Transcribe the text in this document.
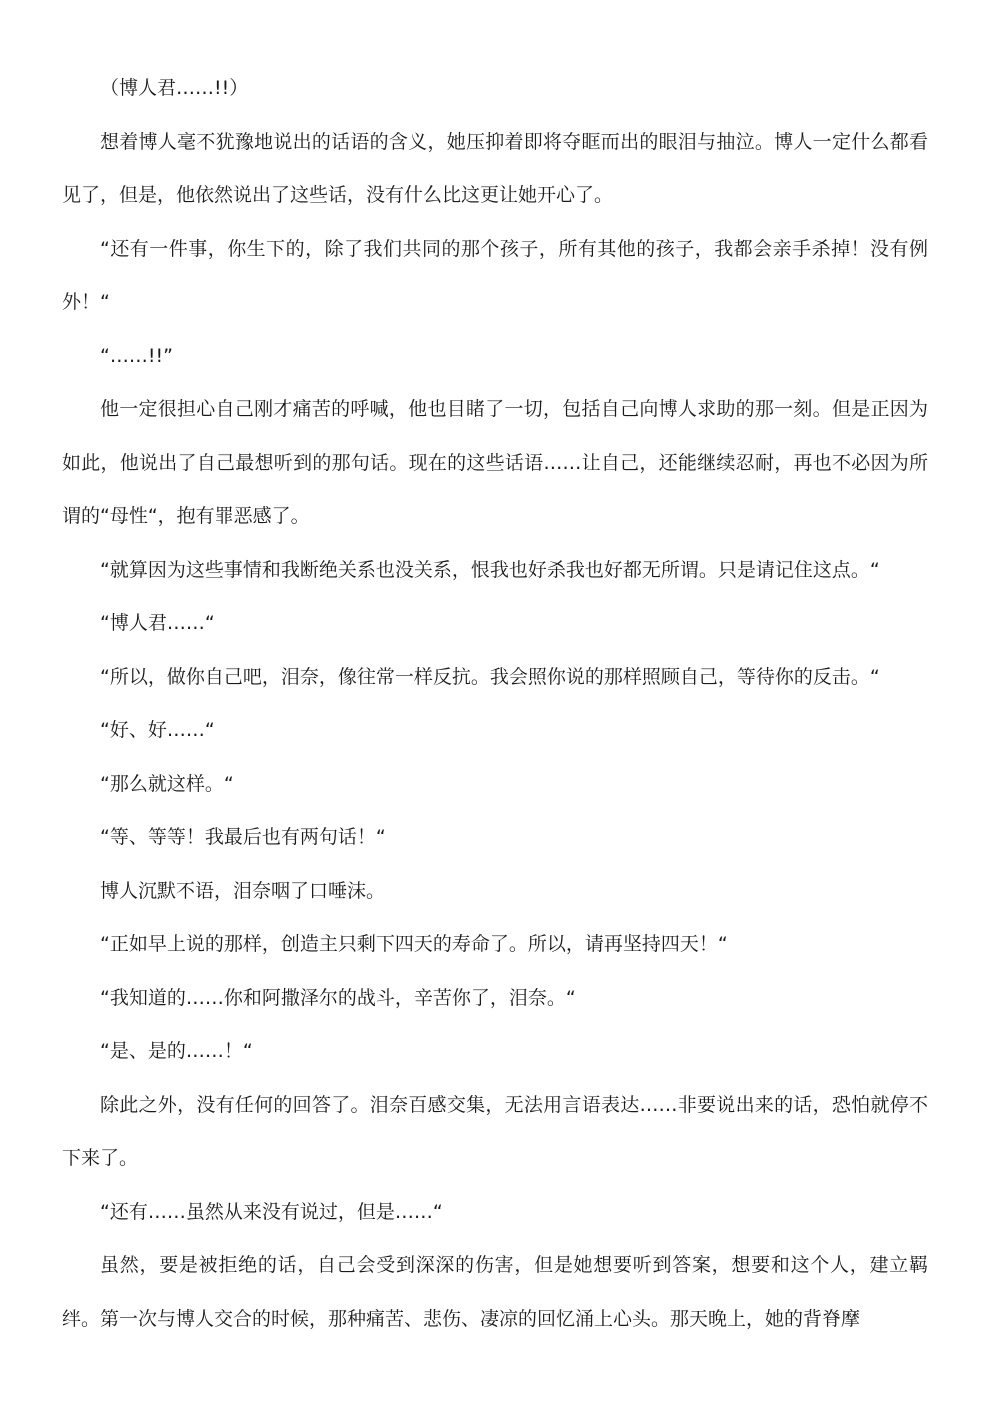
（博人君……!!）

想着博人毫不犹豫地说出的话语的含义，她压抑着即将夺眶而出的眼泪与抽泣。博人一定什么都看见了，但是，他依然说出了这些话，没有什么比这更让她开心了。

“还有一件事，你生下的，除了我们共同的那个孩子，所有其他的孩子，我都会亲手杀掉！没有例外！“

“……!!”

他一定很担心自己刚才痛苦的呼喊，他也目睹了一切，包括自己向博人求助的那一刻。但是正因为如此，他说出了自己最想听到的那句话。现在的这些话语……让自己，还能继续忍耐，再也不必因为所谓的“母性“，抱有罪恶感了。

“就算因为这些事情和我断绝关系也没关系，恨我也好杀我也好都无所谓。只是请记住这点。“

“博人君……“

“所以，做你自己吧，泪奈，像往常一样反抗。我会照你说的那样照顾自己，等待你的反击。“

“好、好……“

“那么就这样。“

“等、等等！我最后也有两句话！“

博人沉默不语，泪奈咽了口唾沫。

“正如早上说的那样，创造主只剩下四天的寿命了。所以，请再坚持四天！“

“我知道的……你和阿撒泽尔的战斗，辛苦你了，泪奈。“

“是、是的……！“

除此之外，没有任何的回答了。泪奈百感交集，无法用言语表达……非要说出来的话，恐怕就停不下来了。

“还有……虽然从来没有说过，但是……“

虽然，要是被拒绝的话，自己会受到深深的伤害，但是她想要听到答案，想要和这个人，建立羁绊。第一次与博人交合的时候，那种痛苦、悲伤、凄凉的回忆涌上心头。那天晚上，她的背脊摩
